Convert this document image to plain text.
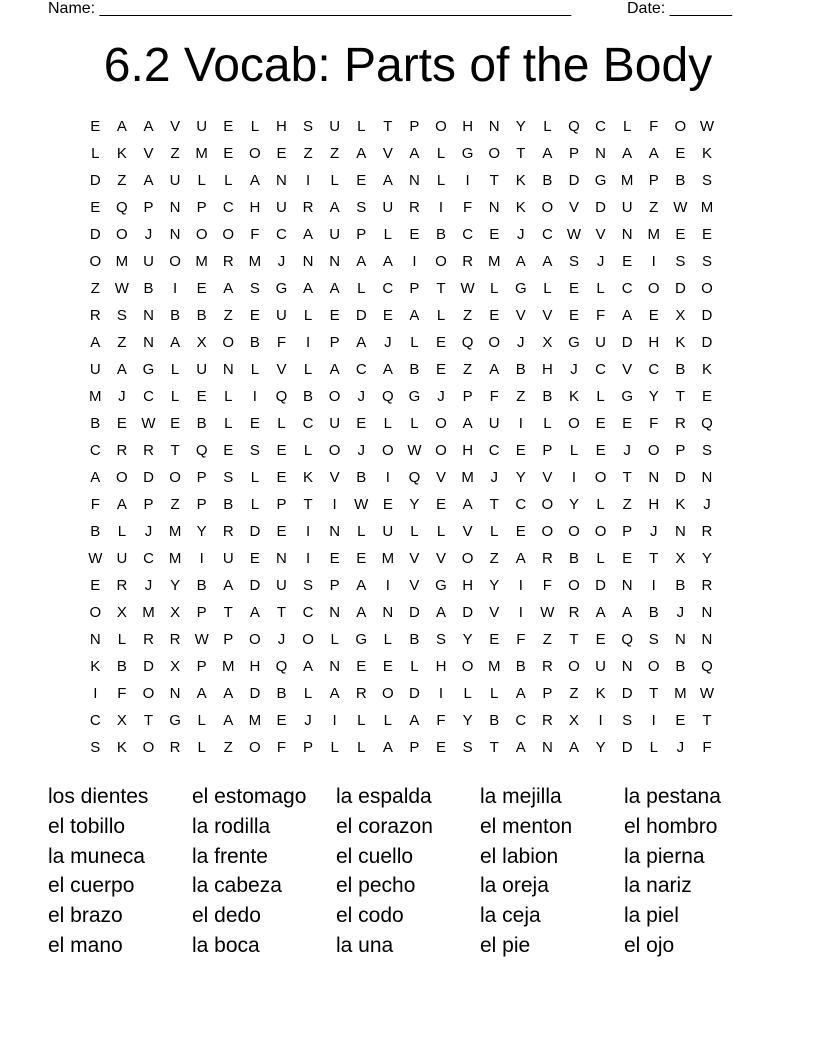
Name: _____________________________________________________	Date: _______
6.2 Vocab: Parts of the Body
E	A	A	V	U	E	L	H	S	U	L	T	P	O	H	N	Y	L	Q	C	L	F	O W
L	K	V	Z	M	E	O	E	Z	Z	A	V	A	L	G O	T	A	P	N	A	A	E	K
D	Z	A	U	L	L	A	N	I	L	E	A	N	L	I	T	K	B	D	G M	P	B	S
E	Q	P	N	P	C	H	U	R	A	S	U	R	I	F	N	K	O	V	D	U	Z W M
D	O	J	N	O O	F	C	A	U	P	L	E	B	C	E	J	C W V	N M	E	E
O M U	O M R M	J	N	N	A	A	I	O	R M	A	A	S	J	E	I	S	S
Z W B	I	E	A	S	G	A	A	L	C	P	T W	L	G	L	E	L	C	O	D	O
R	S	N	B	B	Z	E	U	L	E	D	E	A	L	Z	E	V	V	E	F	A	E	X	D
A	Z	N	A	X	O	B	F	I	P	A	J	L	E	Q O	J	X	G	U	D	H	K	D
U	A	G	L	U	N	L	V	L	A	C	A	B	E	Z	A	B	H	J	C	V	C	B	K
M	J	C	L	E	L	I	Q	B	O	J	Q G	J	P	F	Z	B	K	L	G	Y	T	E
B	E W E	B	L	E	L	C	U	E	L	L	O	A	U	I	L	O	E	E	F	R	Q
C	R	R	T	Q	E	S	E	L	O	J	O W O	H	C	E	P	L	E	J	O	P	S
A	O	D	O	P	S	L	E	K	V	B	I	Q	V	M	J	Y	V	I	O	T	N	D	N
F	A	P	Z	P	B	L	P	T	I	W E	Y	E	A	T	C	O	Y	L	Z	H	K	J
B	L	J	M	Y	R	D	E	I	N	L	U	L	L	V	L	E	O O O	P	J	N	R
W U	C M	I	U	E	N	I	E	E	M	V	V	O	Z	A	R	B	L	E	T	X	Y
E	R	J	Y	B	A	D	U	S	P	A	I	V	G	H	Y	I	F	O	D	N	I	B	R
O	X	M	X	P	T	A	T	C	N	A	N	D	A	D	V	I	W R	A	A	B	J	N
N	L	R	R W P	O	J	O	L	G	L	B	S	Y	E	F	Z	T	E	Q	S	N	N
K	B	D	X	P	M H	Q	A	N	E	E	L	H	O M	B	R	O	U	N	O	B	Q
I	F	O	N	A	A	D	B	L	A	R	O	D	I	L	L	A	P	Z	K	D	T	M W
C	X	T	G	L	A	M	E	J	I	L	L	A	F	Y	B	C	R	X	I	S	I	E	T
S	K	O	R	L	Z	O	F	P	L	L	A	P	E	S	T	A	N	A	Y	D	L	J	F
los dientes
el tobillo
la muneca
el cuerpo
el brazo
el mano
el estomago
la rodilla
la frente
la cabeza
el dedo
la boca
la espalda
el corazon
el cuello
el pecho
el codo
la una
la mejilla
el menton
el labion
la oreja
la ceja
el pie
la pestana
el hombro
la pierna
la nariz
la piel
el ojo
